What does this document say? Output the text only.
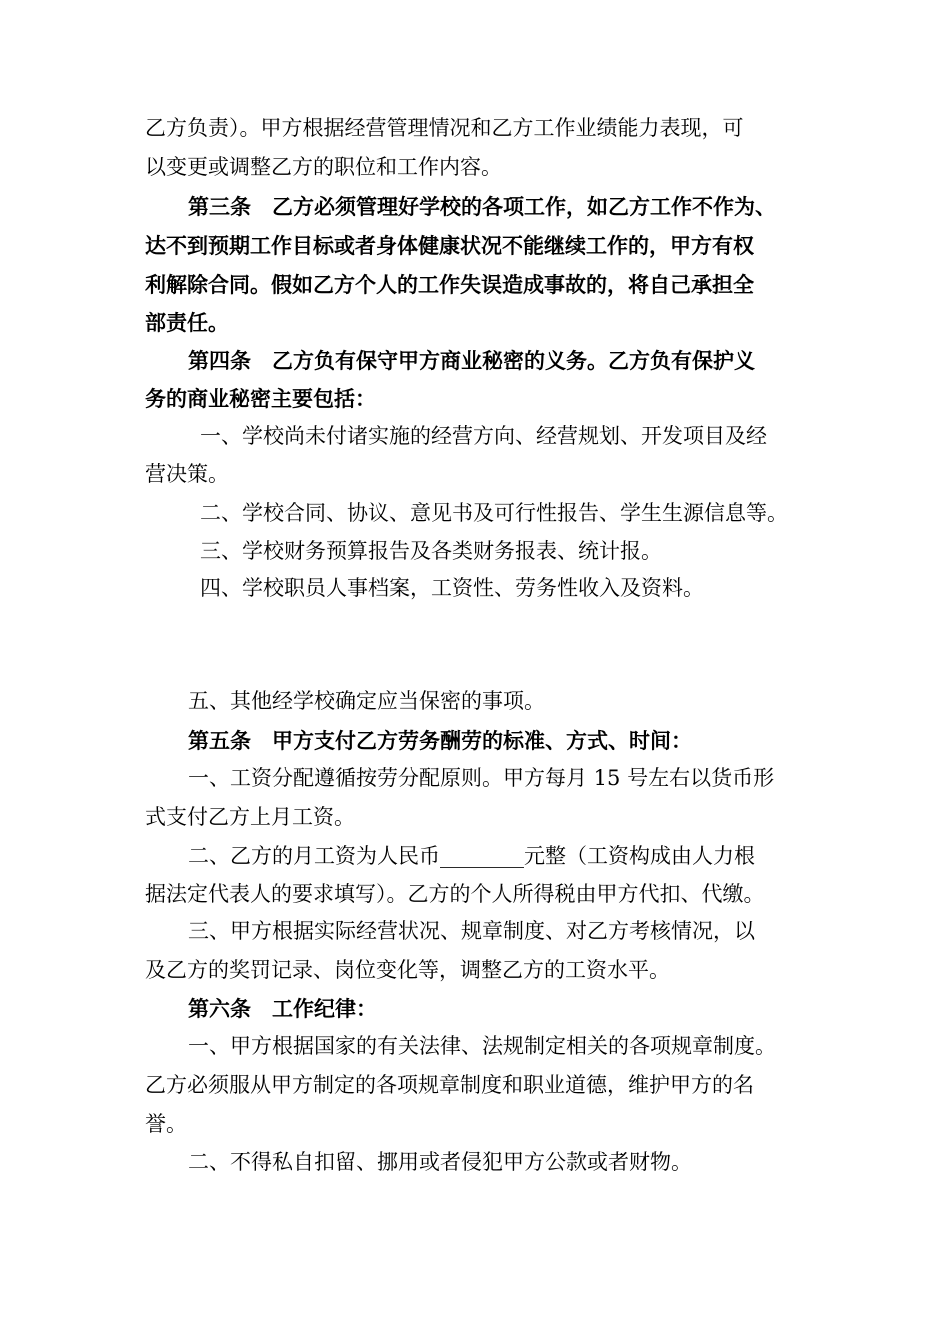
乙方负责）。甲方根据经营管理情况和乙方工作业绩能力表现，可

以变更或调整乙方的职位和工作内容。

第三条　乙方必须管理好学校的各项工作，如乙方工作不作为、

达不到预期工作目标或者身体健康状况不能继续工作的，甲方有权

利解除合同。假如乙方个人的工作失误造成事故的，将自己承担全

部责任。

第四条　乙方负有保守甲方商业秘密的义务。乙方负有保护义

务的商业秘密主要包括：

一、学校尚未付诸实施的经营方向、经营规划、开发项目及经

营决策。

二、学校合同、协议、意见书及可行性报告、学生生源信息等。

三、学校财务预算报告及各类财务报表、统计报。

四、学校职员人事档案，工资性、劳务性收入及资料。

五、其他经学校确定应当保密的事项。

第五条　甲方支付乙方劳务酬劳的标准、方式、时间：

一、工资分配遵循按劳分配原则。甲方每月 15 号左右以货币形

式支付乙方上月工资。

二、乙方的月工资为人民币________元整（工资构成由人力根

据法定代表人的要求填写）。乙方的个人所得税由甲方代扣、代缴。

三、甲方根据实际经营状况、规章制度、对乙方考核情况，以

及乙方的奖罚记录、岗位变化等，调整乙方的工资水平。

第六条　工作纪律：

一、甲方根据国家的有关法律、法规制定相关的各项规章制度。

乙方必须服从甲方制定的各项规章制度和职业道德，维护甲方的名

誉。

二、不得私自扣留、挪用或者侵犯甲方公款或者财物。
